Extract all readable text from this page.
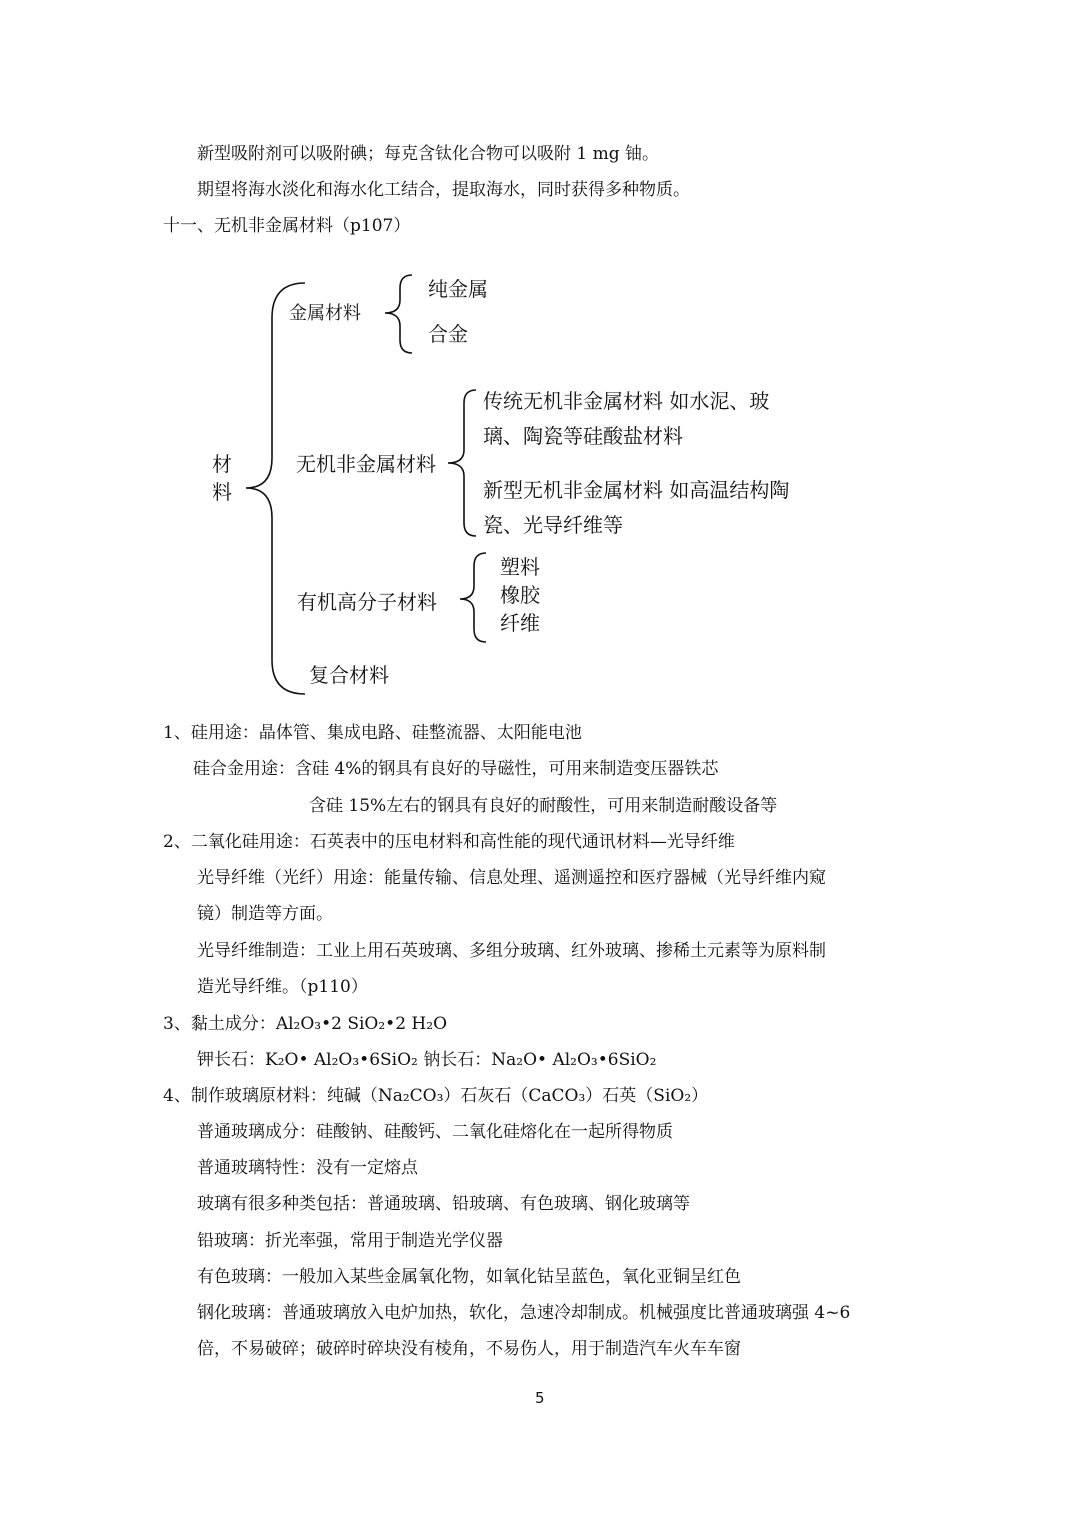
新型吸附剂可以吸附碘；每克含钛化合物可以吸附 1 mg 铀。
期望将海水淡化和海水化工结合，提取海水，同时获得多种物质。
十一、无机非金属材料（p107）
材
料
金属材料
纯金属
合金
无机非金属材料
传统无机非金属材料 如水泥、玻
璃、陶瓷等硅酸盐材料
新型无机非金属材料 如高温结构陶
瓷、光导纤维等
有机高分子材料
塑料
橡胶
纤维
复合材料
1、硅用途：晶体管、集成电路、硅整流器、太阳能电池
硅合金用途：含硅 4%的钢具有良好的导磁性，可用来制造变压器铁芯
含硅 15%左右的钢具有良好的耐酸性，可用来制造耐酸设备等
2、二氧化硅用途：石英表中的压电材料和高性能的现代通讯材料—光导纤维
光导纤维（光纤）用途：能量传输、信息处理、遥测遥控和医疗器械（光导纤维内窥
镜）制造等方面。
光导纤维制造：工业上用石英玻璃、多组分玻璃、红外玻璃、掺稀土元素等为原料制
造光导纤维。（p110）
3、黏土成分：Al₂O₃•2 SiO₂•2 H₂O
钾长石：K₂O• Al₂O₃•6SiO₂ 钠长石：Na₂O• Al₂O₃•6SiO₂
4、制作玻璃原材料：纯碱（Na₂CO₃）石灰石（CaCO₃）石英（SiO₂）
普通玻璃成分：硅酸钠、硅酸钙、二氧化硅熔化在一起所得物质
普通玻璃特性：没有一定熔点
玻璃有很多种类包括：普通玻璃、铅玻璃、有色玻璃、钢化玻璃等
铅玻璃：折光率强，常用于制造光学仪器
有色玻璃：一般加入某些金属氧化物，如氧化钴呈蓝色，氧化亚铜呈红色
钢化玻璃：普通玻璃放入电炉加热，软化，急速冷却制成。机械强度比普通玻璃强 4~6
倍，不易破碎；破碎时碎块没有棱角，不易伤人，用于制造汽车火车车窗
5
